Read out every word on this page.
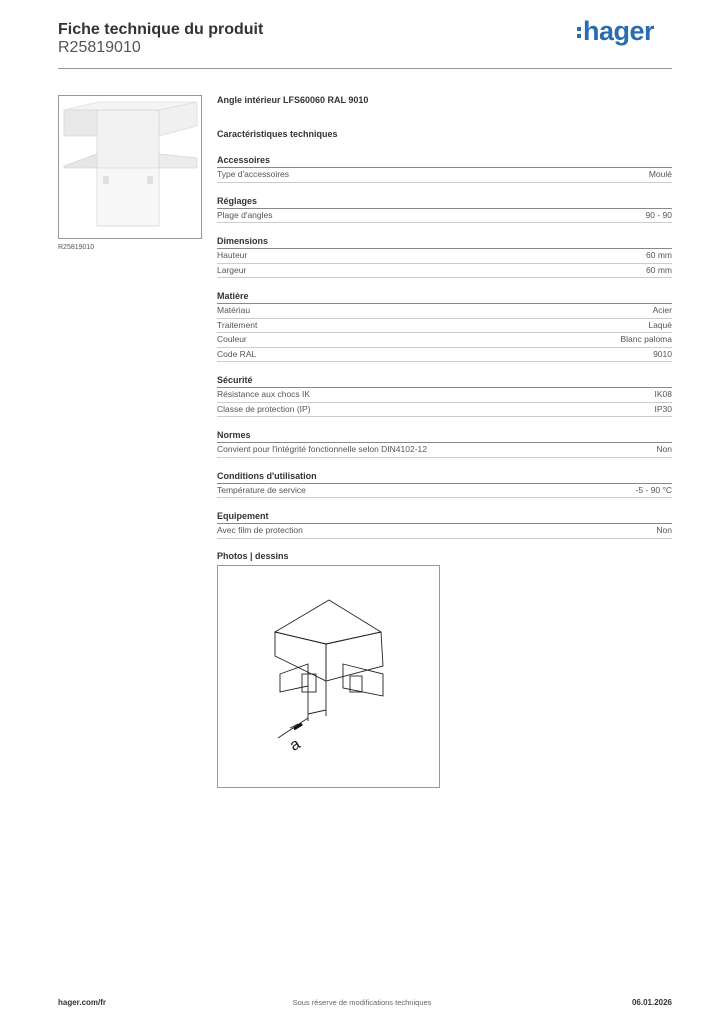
Fiche technique du produit
R25819010
hager
R25819010
Angle intérieur LFS60060 RAL 9010
Caractéristiques techniques
Accessoires
Type d'accessoires	Moulé
Réglages
Plage d'angles	90 - 90
Dimensions
Hauteur	60 mm
Largeur	60 mm
Matière
Matériau	Acier
Traitement	Laqué
Couleur	Blanc paloma
Code RAL	9010
Sécurité
Résistance aux chocs IK	IK08
Classe de protection (IP)	IP30
Normes
Convient pour l'intégrité fonctionnelle selon DIN4102-12	Non
Conditions d'utilisation
Température de service	-5 - 90 °C
Equipement
Avec film de protection	Non
Photos | dessins
a
hager.com/fr	Sous réserve de modifications techniques	06.01.2026
